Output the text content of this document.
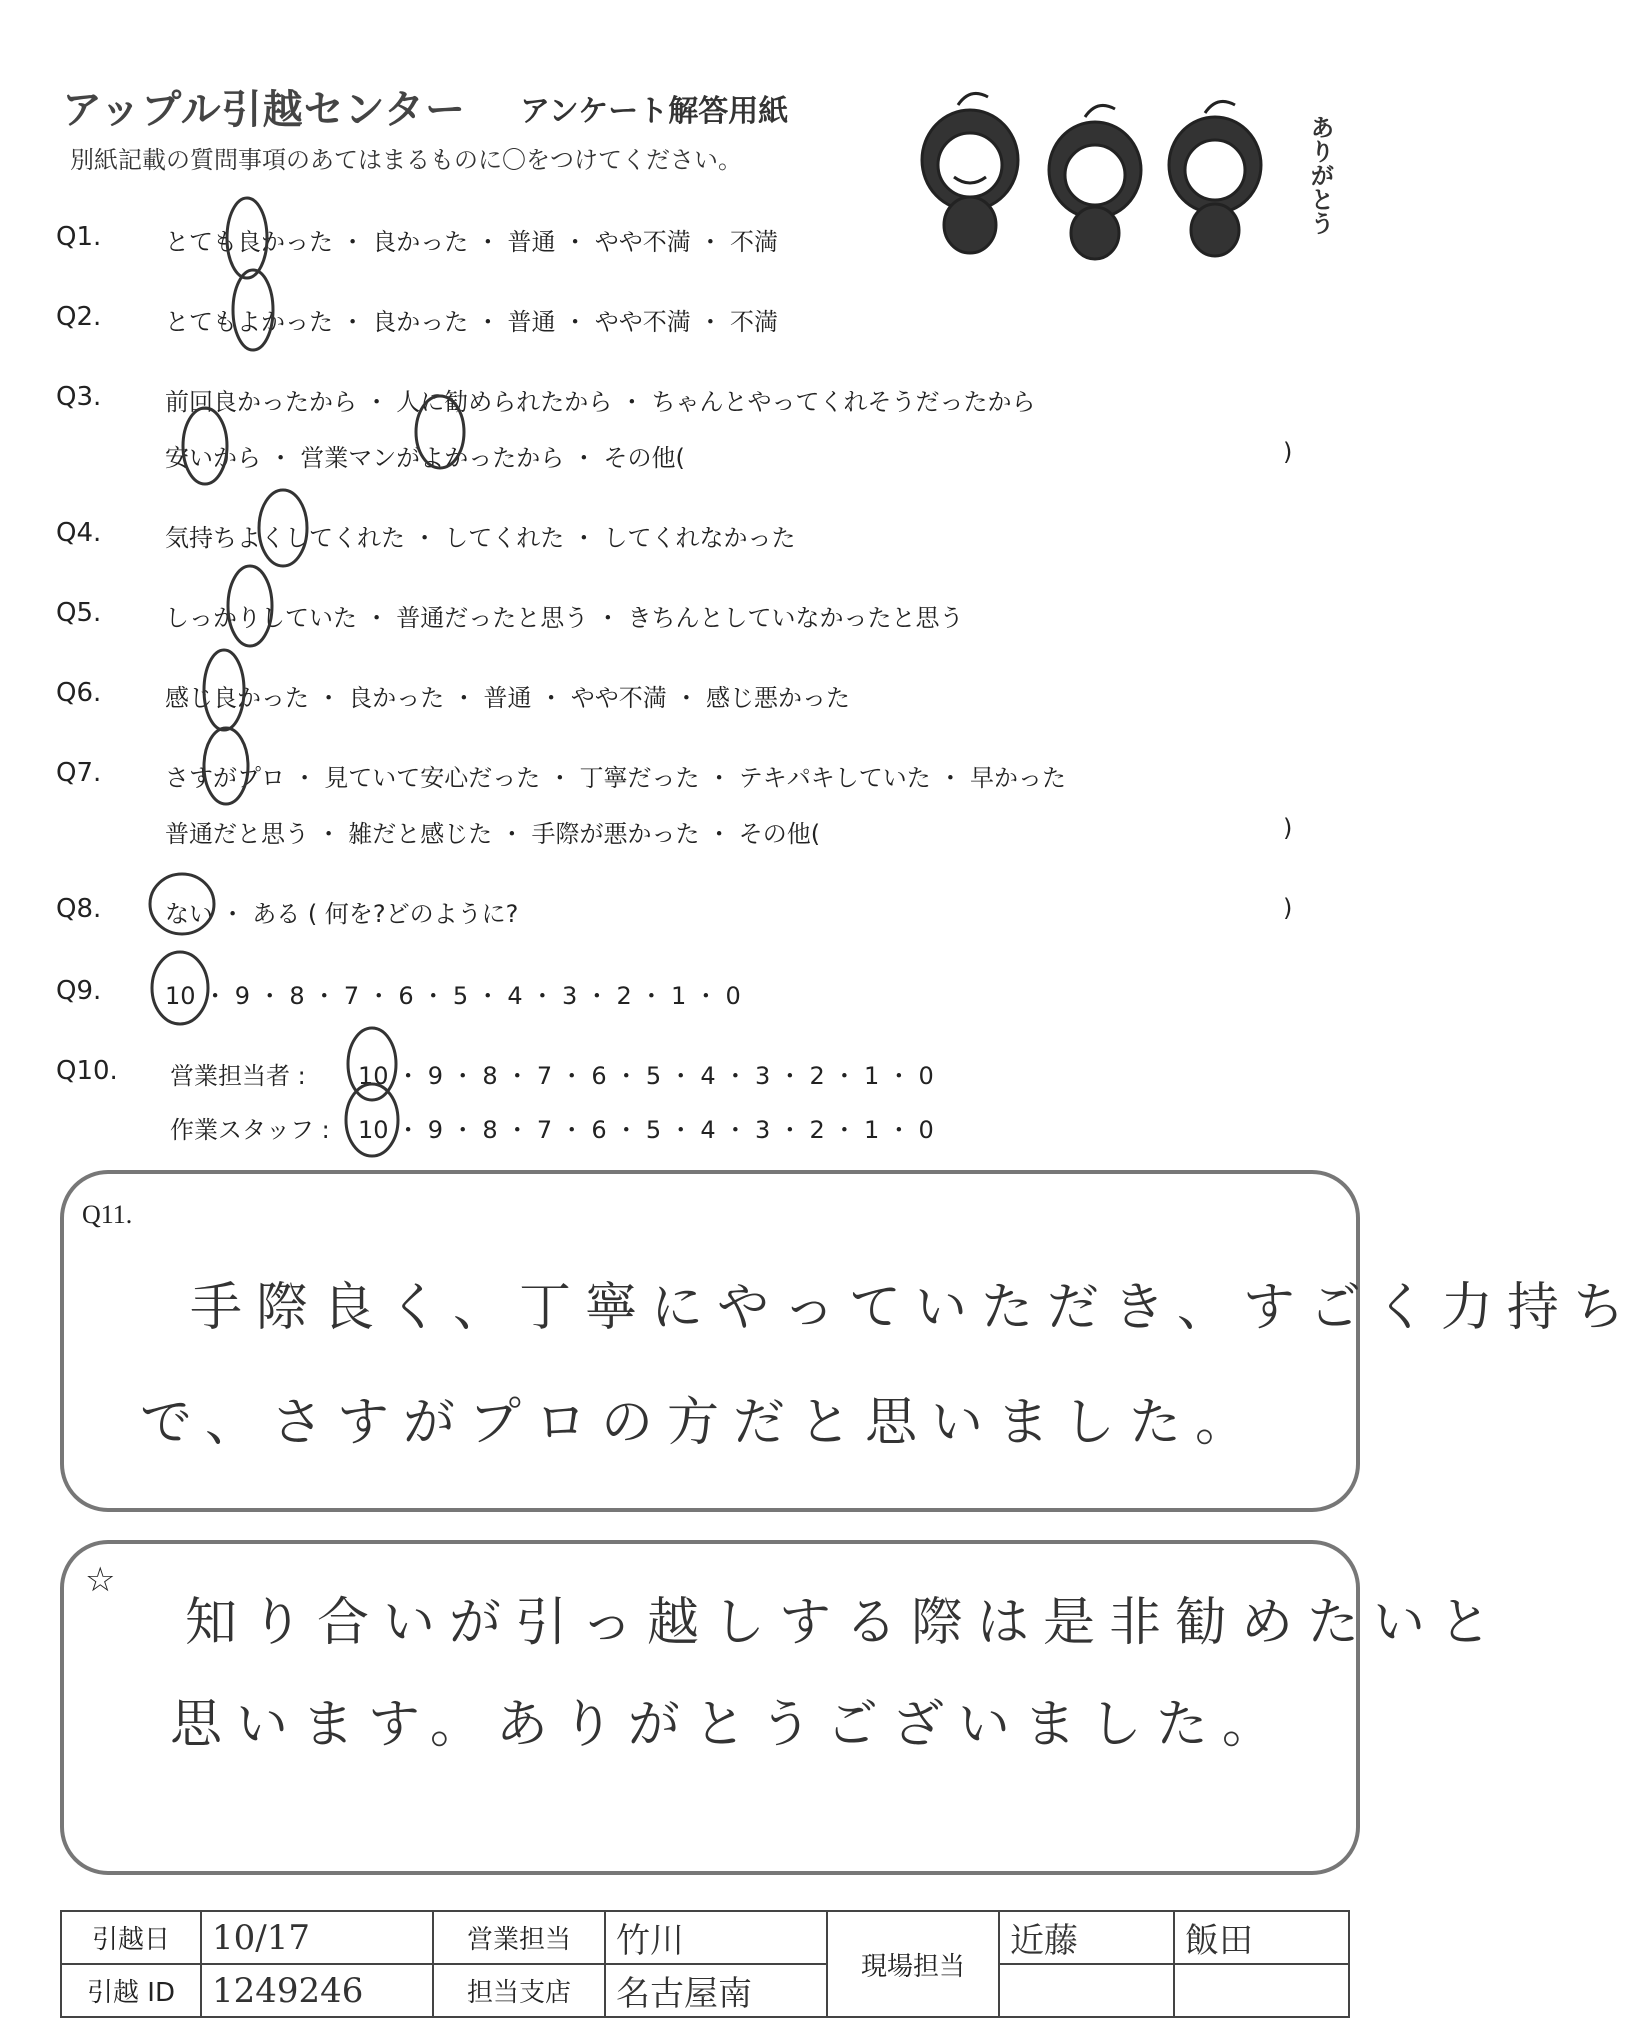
アップル引越センター アンケート解答用紙
別紙記載の質問事項のあてはまるものに〇をつけてください。	ありがとう
Q1.	とても良かった ・ 良かった ・ 普通 ・ やや不満 ・ 不満
Q2.	とてもよかった ・ 良かった ・ 普通 ・ やや不満 ・ 不満
Q3.	前回良かったから ・ 人に勧められたから ・ ちゃんとやってくれそうだったから
安いから ・ 営業マンがよかったから ・ その他(	)
Q4.	気持ちよくしてくれた ・ してくれた ・ してくれなかった
Q5.	しっかりしていた ・ 普通だったと思う ・ きちんとしていなかったと思う
Q6.	感じ良かった ・ 良かった ・ 普通 ・ やや不満 ・ 感じ悪かった
Q7.	さすがプロ ・ 見ていて安心だった ・ 丁寧だった ・ テキパキしていた ・ 早かった
普通だと思う ・ 雑だと感じた ・ 手際が悪かった ・ その他(	)
Q8.	ない ・ ある ( 何を?どのように?	)
Q9.	10 ・ 9 ・ 8 ・ 7 ・ 6 ・ 5 ・ 4 ・ 3 ・ 2 ・ 1 ・ 0
Q10. 営業担当者 : 10 ・ 9 ・ 8 ・ 7 ・ 6 ・ 5 ・ 4 ・ 3 ・ 2 ・ 1 ・ 0
作業スタッフ : 10 ・ 9 ・ 8 ・ 7 ・ 6 ・ 5 ・ 4 ・ 3 ・ 2 ・ 1 ・ 0
Q11.
手際良く、丁寧にやっていただき、すごく力持ち
で、さすがプロの方だと思いました。
☆
知り合いが引っ越しする際は是非勧めたいと
思います。ありがとうございました。
引越日	10/17	営業担当	竹川	現場担当	近藤	飯田
引越 ID	1249246	担当支店	名古屋南			
